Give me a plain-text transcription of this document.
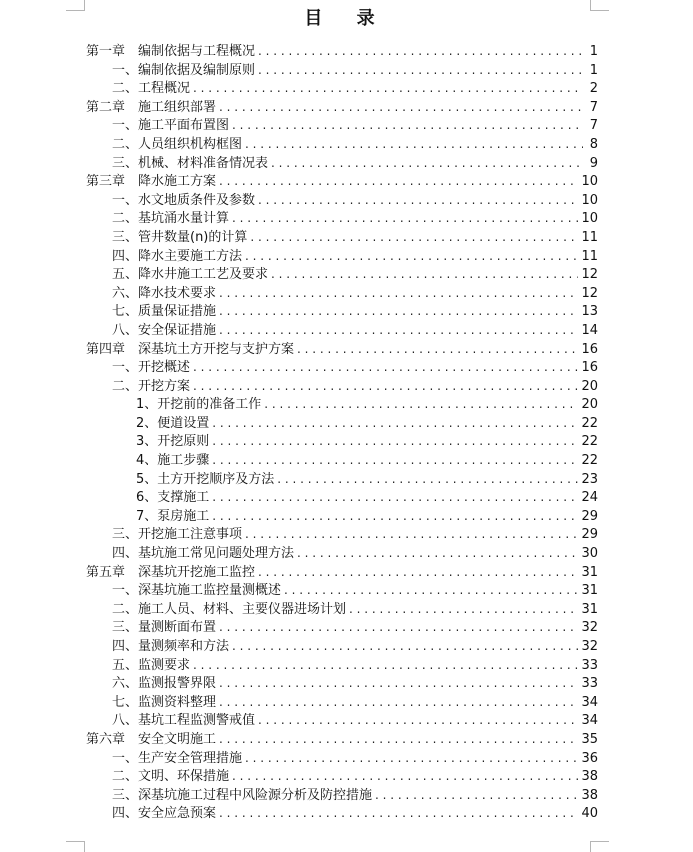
目 录
第一章　编制依据与工程概况 . . .	1
一、编制依据及编制原则 . . .	1
二、工程概况 . . .	2
第二章　施工组织部署 . . .	7
一、施工平面布置图 . . .	7
二、人员组织机构框图 . . .	8
三、机械、材料准备情况表 . . .	9
第三章　降水施工方案 . . .	10
一、水文地质条件及参数 . . .	10
二、基坑涌水量计算 . . .	10
三、管井数量(n)的计算 . . .	11
四、降水主要施工方法 . . .	11
五、降水井施工工艺及要求 . . .	12
六、降水技术要求 . . .	12
七、质量保证措施 . . .	13
八、安全保证措施 . . .	14
第四章　深基坑土方开挖与支护方案 . . .	16
一、开挖概述 . . .	16
二、开挖方案 . . .	20
1、开挖前的准备工作 . . .	20
2、便道设置 . . .	22
3、开挖原则 . . .	22
4、施工步骤 . . .	22
5、土方开挖顺序及方法 . . .	23
6、支撑施工 . . .	24
7、泵房施工 . . .	29
三、开挖施工注意事项 . . .	29
四、基坑施工常见问题处理方法 . . .	30
第五章　深基坑开挖施工监控 . . .	31
一、深基坑施工监控量测概述 . . .	31
二、施工人员、材料、主要仪器进场计划 . . .	31
三、量测断面布置 . . .	32
四、量测频率和方法 . . .	32
五、监测要求 . . .	33
六、监测报警界限 . . .	33
七、监测资料整理 . . .	34
八、基坑工程监测警戒值 . . .	34
第六章　安全文明施工 . . .	35
一、生产安全管理措施 . . .	36
二、文明、环保措施 . . .	38
三、深基坑施工过程中风险源分析及防控措施 . . .	38
四、安全应急预案 . . .	40
